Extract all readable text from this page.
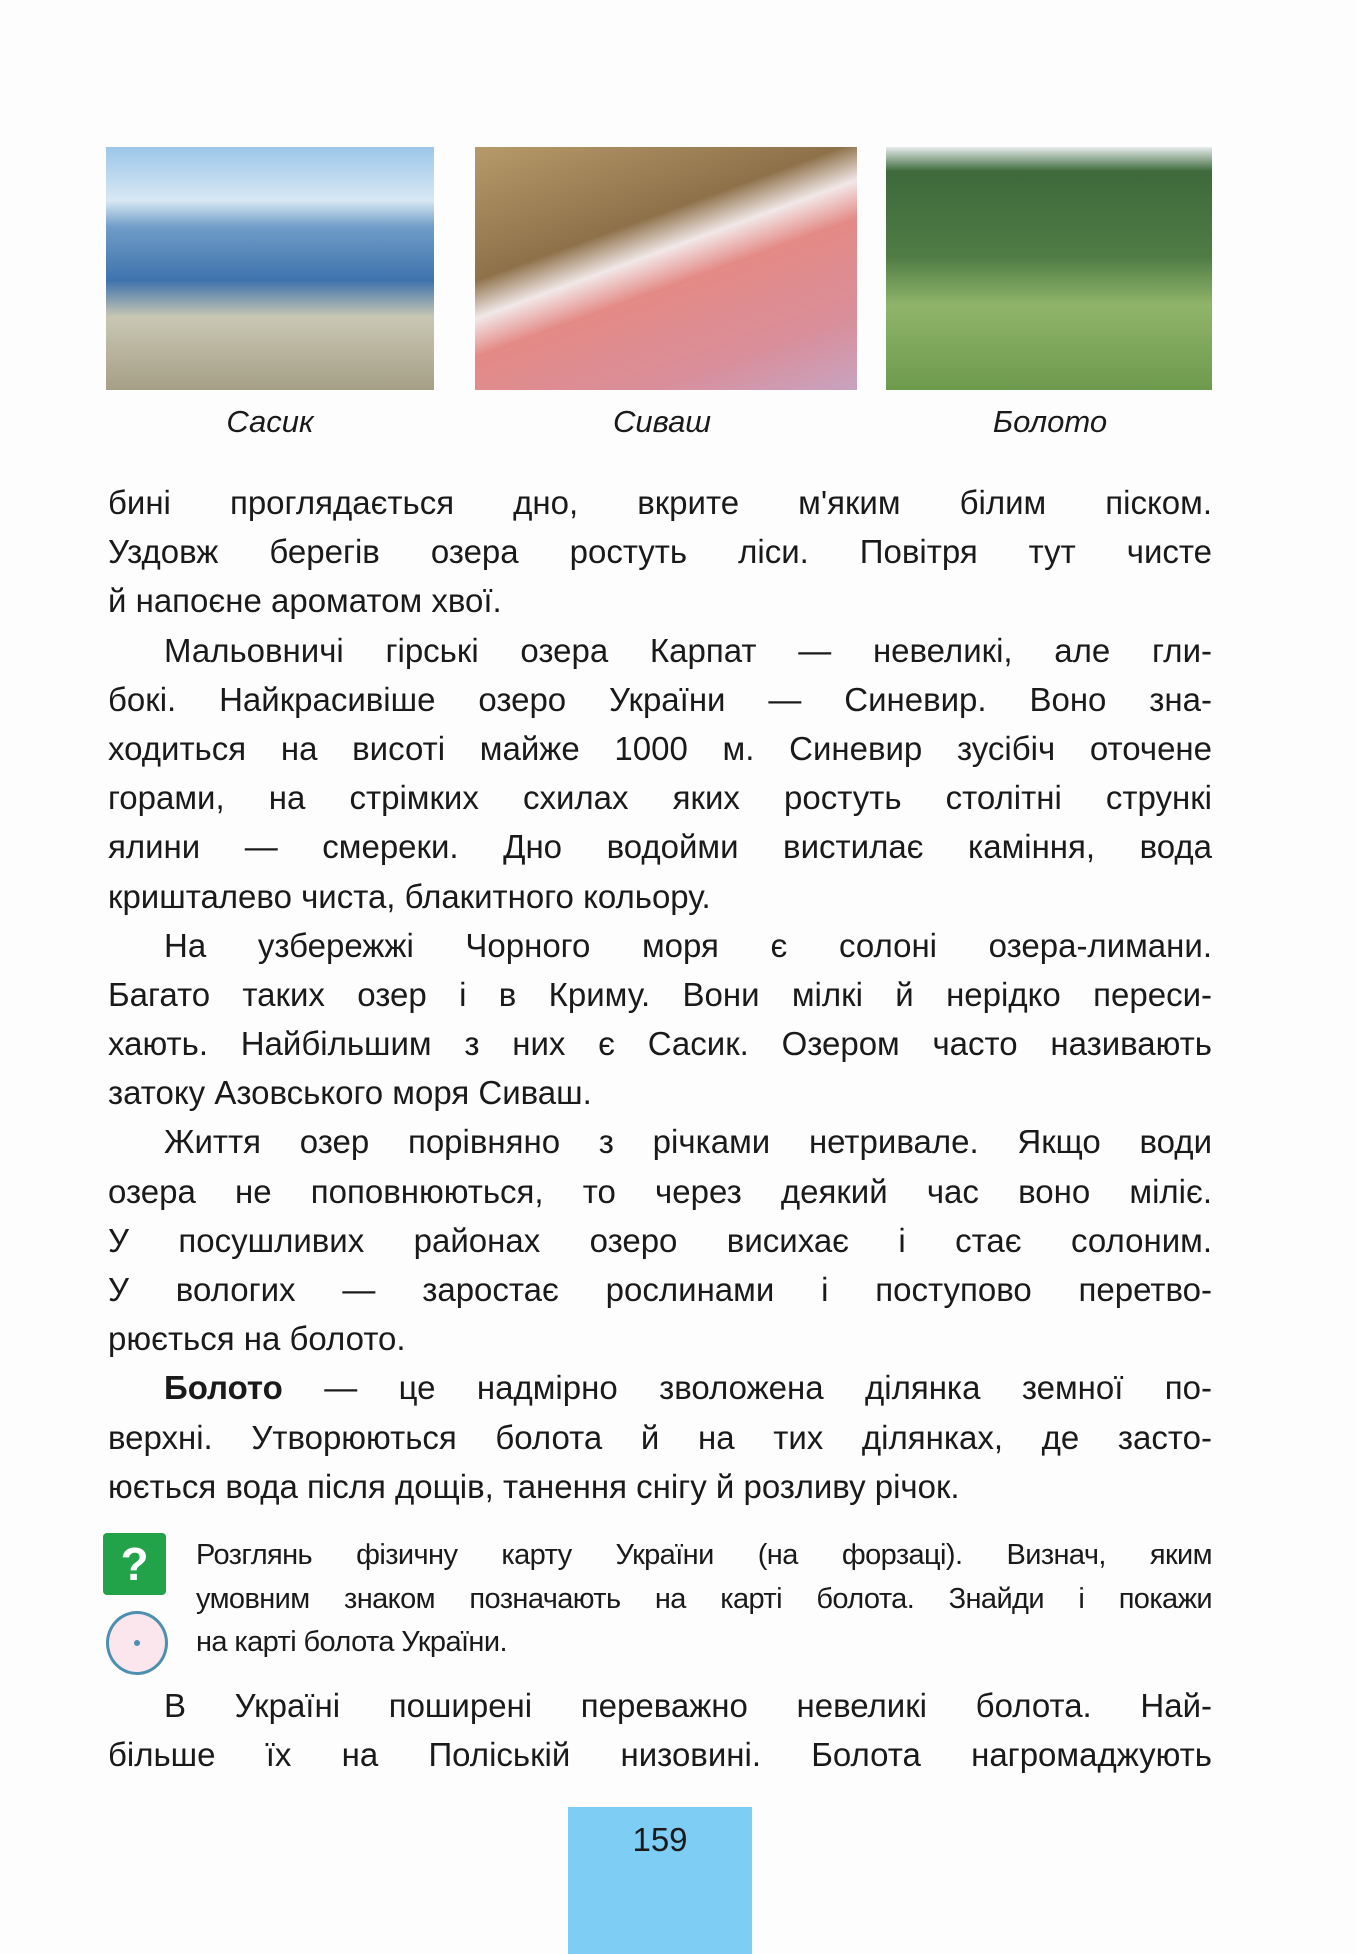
Сасик	Сиваш	Болото
бині проглядається дно, вкрите м'яким білим піском.
Уздовж берегів озера ростуть ліси. Повітря тут чисте
й напоєне ароматом хвої.
Мальовничі гірські озера Карпат — невеликі, але гли-
бокі. Найкрасивіше озеро України — Синевир. Воно зна-
ходиться на висоті майже 1000 м. Синевир зусібіч оточене
горами, на стрімких схилах яких ростуть столітні стрункі
ялини — смереки. Дно водойми вистилає каміння, вода
кришталево чиста, блакитного кольору.
На узбережжі Чорного моря є солоні озера-лимани.
Багато таких озер і в Криму. Вони мілкі й нерідко переси-
хають. Найбільшим з них є Сасик. Озером часто називають
затоку Азовського моря Сиваш.
Життя озер порівняно з річками нетривале. Якщо води
озера не поповнюються, то через деякий час воно міліє.
У посушливих районах озеро висихає і стає солоним.
У вологих — заростає рослинами і поступово перетво-
рюється на болото.
Болото — це надмірно зволожена ділянка земної по-
верхні. Утворюються болота й на тих ділянках, де засто-
юється вода після дощів, танення снігу й розливу річок.
?	Розглянь фізичну карту України (на форзаці). Визнач, яким
умовним знаком позначають на карті болота. Знайди і покажи
на карті болота України.
В Україні поширені переважно невеликі болота. Най-
більше їх на Поліській низовині. Болота нагромаджують
159
